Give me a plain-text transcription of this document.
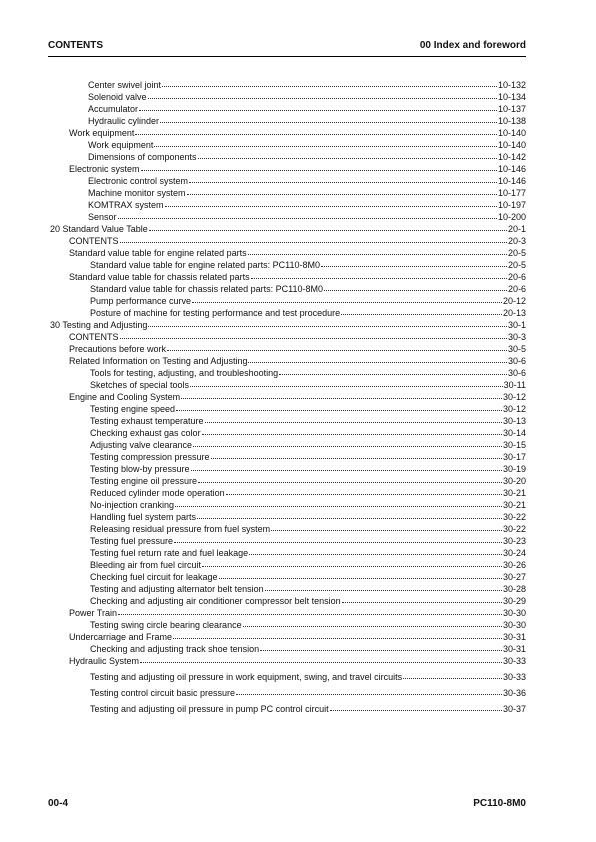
CONTENTS	00 Index and foreword
Center swivel joint	10-132
Solenoid valve	10-134
Accumulator	10-137
Hydraulic cylinder	10-138
Work equipment	10-140
Work equipment	10-140
Dimensions of components	10-142
Electronic system	10-146
Electronic control system	10-146
Machine monitor system	10-177
KOMTRAX system	10-197
Sensor	10-200
20 Standard Value Table	20-1
CONTENTS	20-3
Standard value table for engine related parts	20-5
Standard value table for engine related parts: PC110-8M0	20-5
Standard value table for chassis related parts	20-6
Standard value table for chassis related parts: PC110-8M0	20-6
Pump performance curve	20-12
Posture of machine for testing performance and test procedure	20-13
30 Testing and Adjusting	30-1
CONTENTS	30-3
Precautions before work	30-5
Related Information on Testing and Adjusting	30-6
Tools for testing, adjusting, and troubleshooting	30-6
Sketches of special tools	30-11
Engine and Cooling System	30-12
Testing engine speed	30-12
Testing exhaust temperature	30-13
Checking exhaust gas color	30-14
Adjusting valve clearance	30-15
Testing compression pressure	30-17
Testing blow-by pressure	30-19
Testing engine oil pressure	30-20
Reduced cylinder mode operation	30-21
No-injection cranking	30-21
Handling fuel system parts	30-22
Releasing residual pressure from fuel system	30-22
Testing fuel pressure	30-23
Testing fuel return rate and fuel leakage	30-24
Bleeding air from fuel circuit	30-26
Checking fuel circuit for leakage	30-27
Testing and adjusting alternator belt tension	30-28
Checking and adjusting air conditioner compressor belt tension	30-29
Power Train	30-30
Testing swing circle bearing clearance	30-30
Undercarriage and Frame	30-31
Checking and adjusting track shoe tension	30-31
Hydraulic System	30-33
Testing and adjusting oil pressure in work equipment, swing, and travel circuits	30-33
Testing control circuit basic pressure	30-36
Testing and adjusting oil pressure in pump PC control circuit	30-37
00-4	PC110-8M0
